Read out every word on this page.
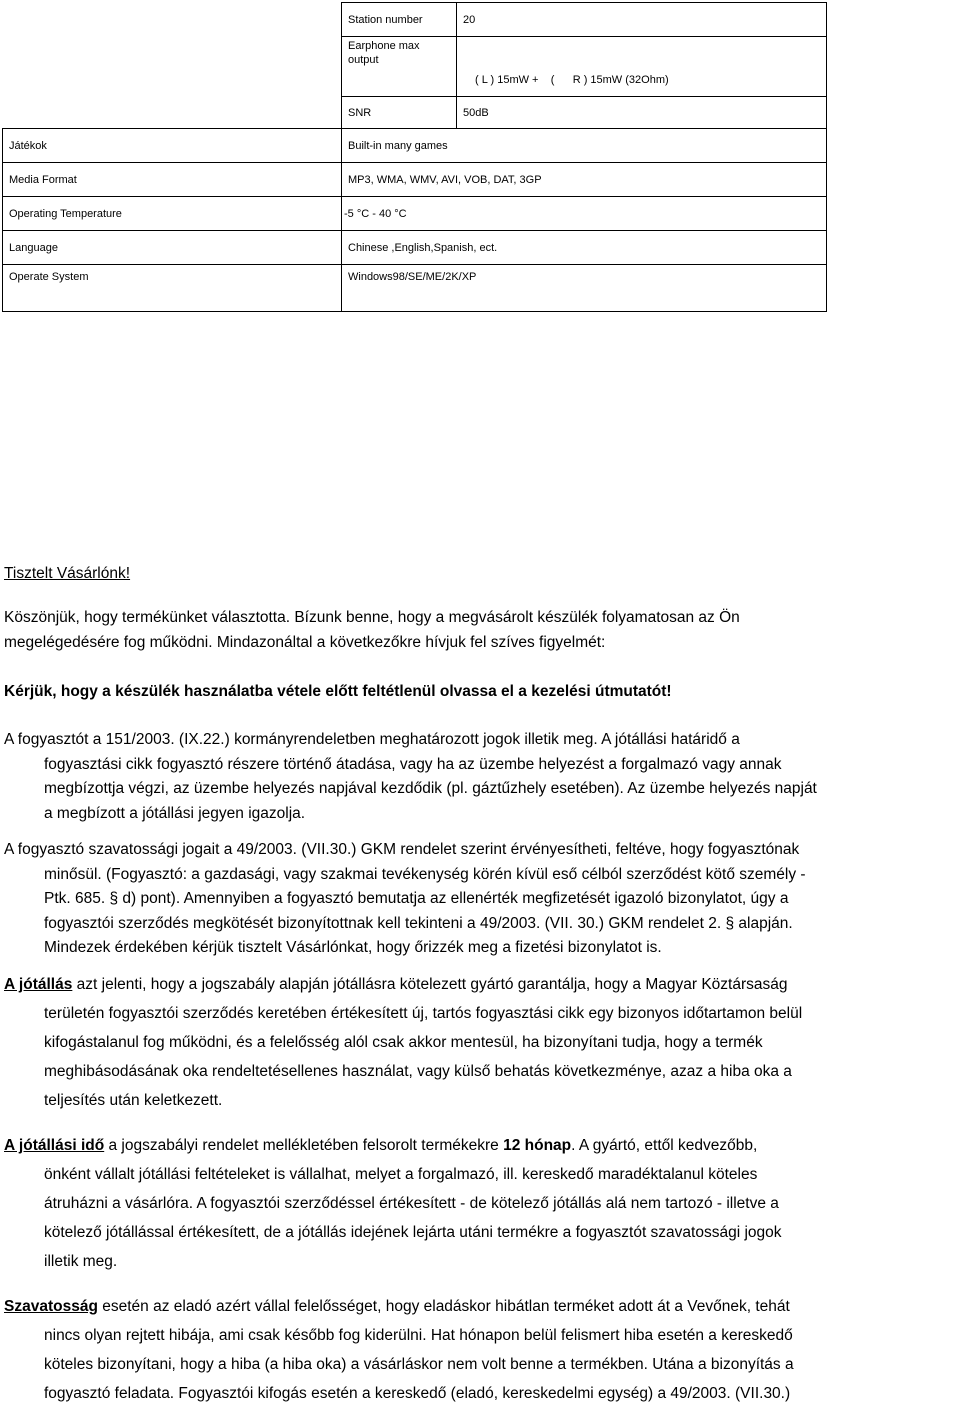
Station number	20

Earphone max
output	( L ) 15mW +    (      R ) 15mW (32Ohm)
SNR	50dB
Játékok	Built-in many games
Media Format	MP3, WMA, WMV, AVI, VOB, DAT, 3GP
Operating Temperature	-5 °C - 40 °C
Language	Chinese ,English,Spanish, ect.
Operate System	Windows98/SE/ME/2K/XP
Tisztelt Vásárlónk!

Köszönjük, hogy termékünket választotta. Bízunk benne, hogy a megvásárolt készülék folyamatosan az Ön

megelégedésére fog működni. Mindazonáltal a következőkre hívjuk fel szíves figyelmét:

Kérjük, hogy a készülék használatba vétele előtt feltétlenül olvassa el a kezelési útmutatót!

A fogyasztót a 151/2003. (IX.22.) kormányrendeletben meghatározott jogok illetik meg. A jótállási határidő a

fogyasztási cikk fogyasztó részere történő átadása, vagy ha az üzembe helyezést a forgalmazó vagy annak

megbízottja végzi, az üzembe helyezés napjával kezdődik (pl. gáztűzhely esetében). Az üzembe helyezés napját

a megbízott a jótállási jegyen igazolja.

A fogyasztó szavatossági jogait a 49/2003. (VII.30.) GKM rendelet szerint érvényesítheti, feltéve, hogy fogyasztónak

minősül. (Fogyasztó: a gazdasági, vagy szakmai tevékenység körén kívül eső célból szerződést kötő személy -

Ptk. 685. § d) pont). Amennyiben a fogyasztó bemutatja az ellenérték megfizetését igazoló bizonylatot, úgy a

fogyasztói szerződés megkötését bizonyítottnak kell tekinteni a 49/2003. (VII. 30.) GKM rendelet 2. § alapján.

Mindezek érdekében kérjük tisztelt Vásárlónkat, hogy őrizzék meg a fizetési bizonylatot is.

A jótállás azt jelenti, hogy a jogszabály alapján jótállásra kötelezett gyártó garantálja, hogy a Magyar Köztársaság

területén fogyasztói szerződés keretében értékesített új, tartós fogyasztási cikk egy bizonyos időtartamon belül

kifogástalanul fog működni, és a felelősség alól csak akkor mentesül, ha bizonyítani tudja, hogy a termék

meghibásodásának oka rendeltetésellenes használat, vagy külső behatás következménye, azaz a hiba oka a

teljesítés után keletkezett.

A jótállási idő a jogszabályi rendelet mellékletében felsorolt termékekre 12 hónap. A gyártó, ettől kedvezőbb,

önként vállalt jótállási feltételeket is vállalhat, melyet a forgalmazó, ill. kereskedő maradéktalanul köteles

átruházni a vásárlóra. A fogyasztói szerződéssel értékesített - de kötelező jótállás alá nem tartozó - illetve a

kötelező jótállással értékesített, de a jótállás idejének lejárta utáni termékre a fogyasztót szavatossági jogok

illetik meg.

Szavatosság esetén az eladó azért vállal felelősséget, hogy eladáskor hibátlan terméket adott át a Vevőnek, tehát

nincs olyan rejtett hibája, ami csak később fog kiderülni. Hat hónapon belül felismert hiba esetén a kereskedő

köteles bizonyítani, hogy a hiba (a hiba oka) a vásárláskor nem volt benne a termékben. Utána a bizonyítás a

fogyasztó feladata. Fogyasztói kifogás esetén a kereskedő (eladó, kereskedelmi egység) a 49/2003. (VII.30.)
